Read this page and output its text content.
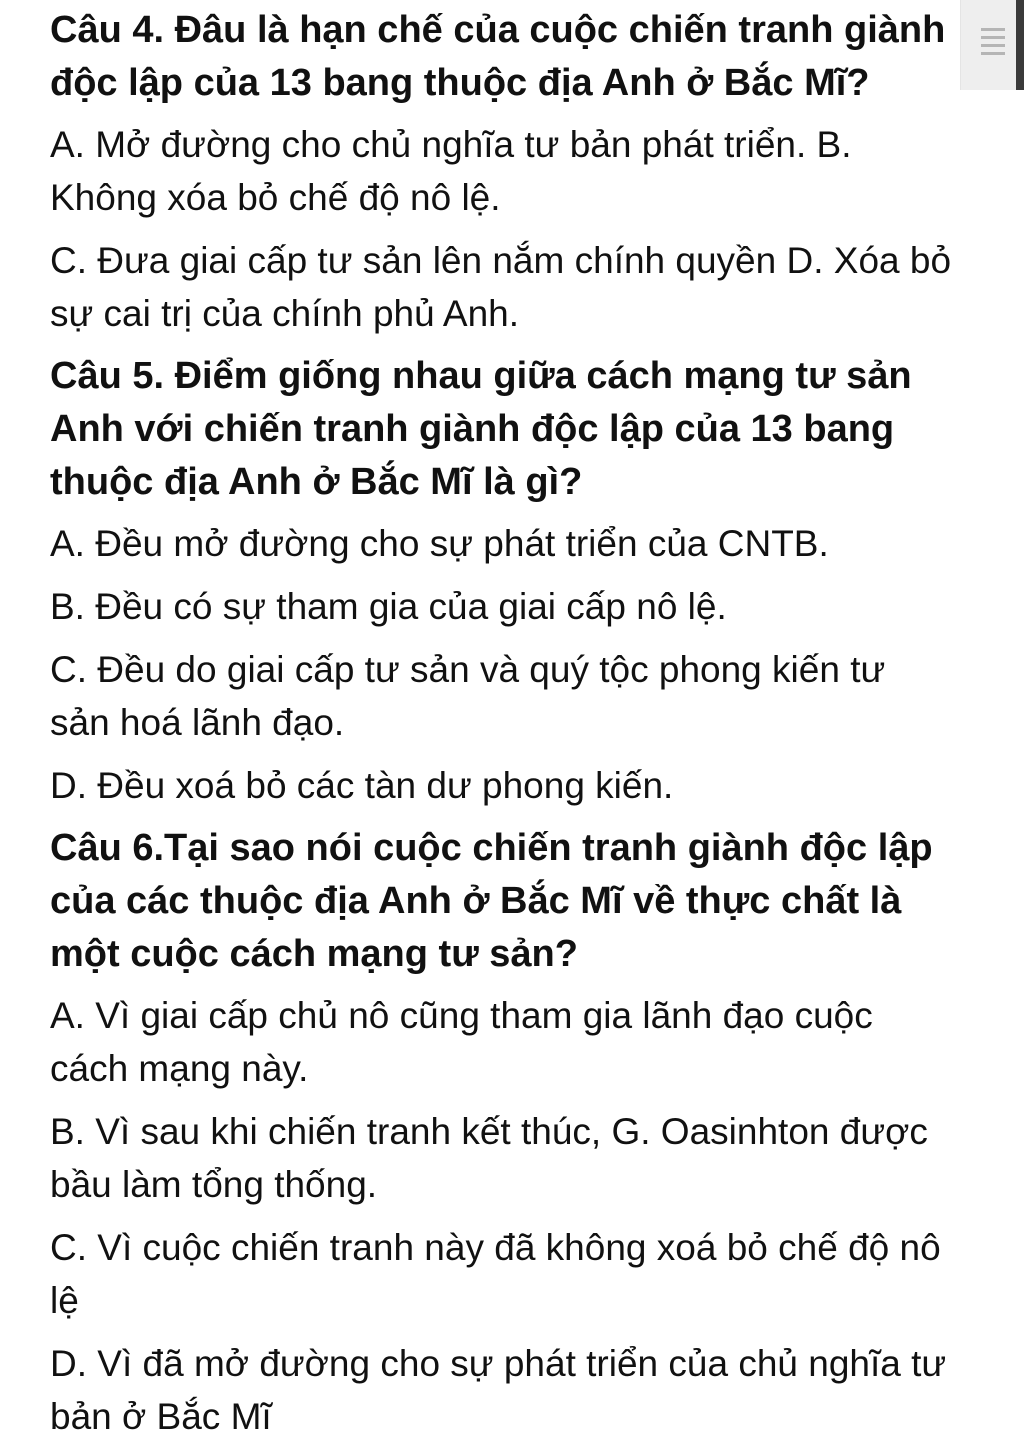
Câu 4. Đâu là hạn chế của cuộc chiến tranh giành độc lập của 13 bang thuộc địa Anh ở Bắc Mĩ?

A. Mở đường cho chủ nghĩa tư bản phát triển. B. Không xóa bỏ chế độ nô lệ.

C. Đưa giai cấp tư sản lên nắm chính quyền D. Xóa bỏ sự cai trị của chính phủ Anh.

Câu 5. Điểm giống nhau giữa cách mạng tư sản Anh với chiến tranh giành độc lập của 13 bang thuộc địa Anh ở Bắc Mĩ là gì?

A. Đều mở đường cho sự phát triển của CNTB.

B. Đều có sự tham gia của giai cấp nô lệ.

C. Đều do giai cấp tư sản và quý tộc phong kiến tư sản hoá lãnh đạo.

D. Đều xoá bỏ các tàn dư phong kiến.

Câu 6.Tại sao nói cuộc chiến tranh giành độc lập của các thuộc địa Anh ở Bắc Mĩ về thực chất là một cuộc cách mạng tư sản?

A. Vì giai cấp chủ nô cũng tham gia lãnh đạo cuộc cách mạng này.

B. Vì sau khi chiến tranh kết thúc, G. Oasinhton được bầu làm tổng thống.

C. Vì cuộc chiến tranh này đã không xoá bỏ chế độ nô lệ

D. Vì đã mở đường cho sự phát triển của chủ nghĩa tư bản ở Bắc Mĩ
